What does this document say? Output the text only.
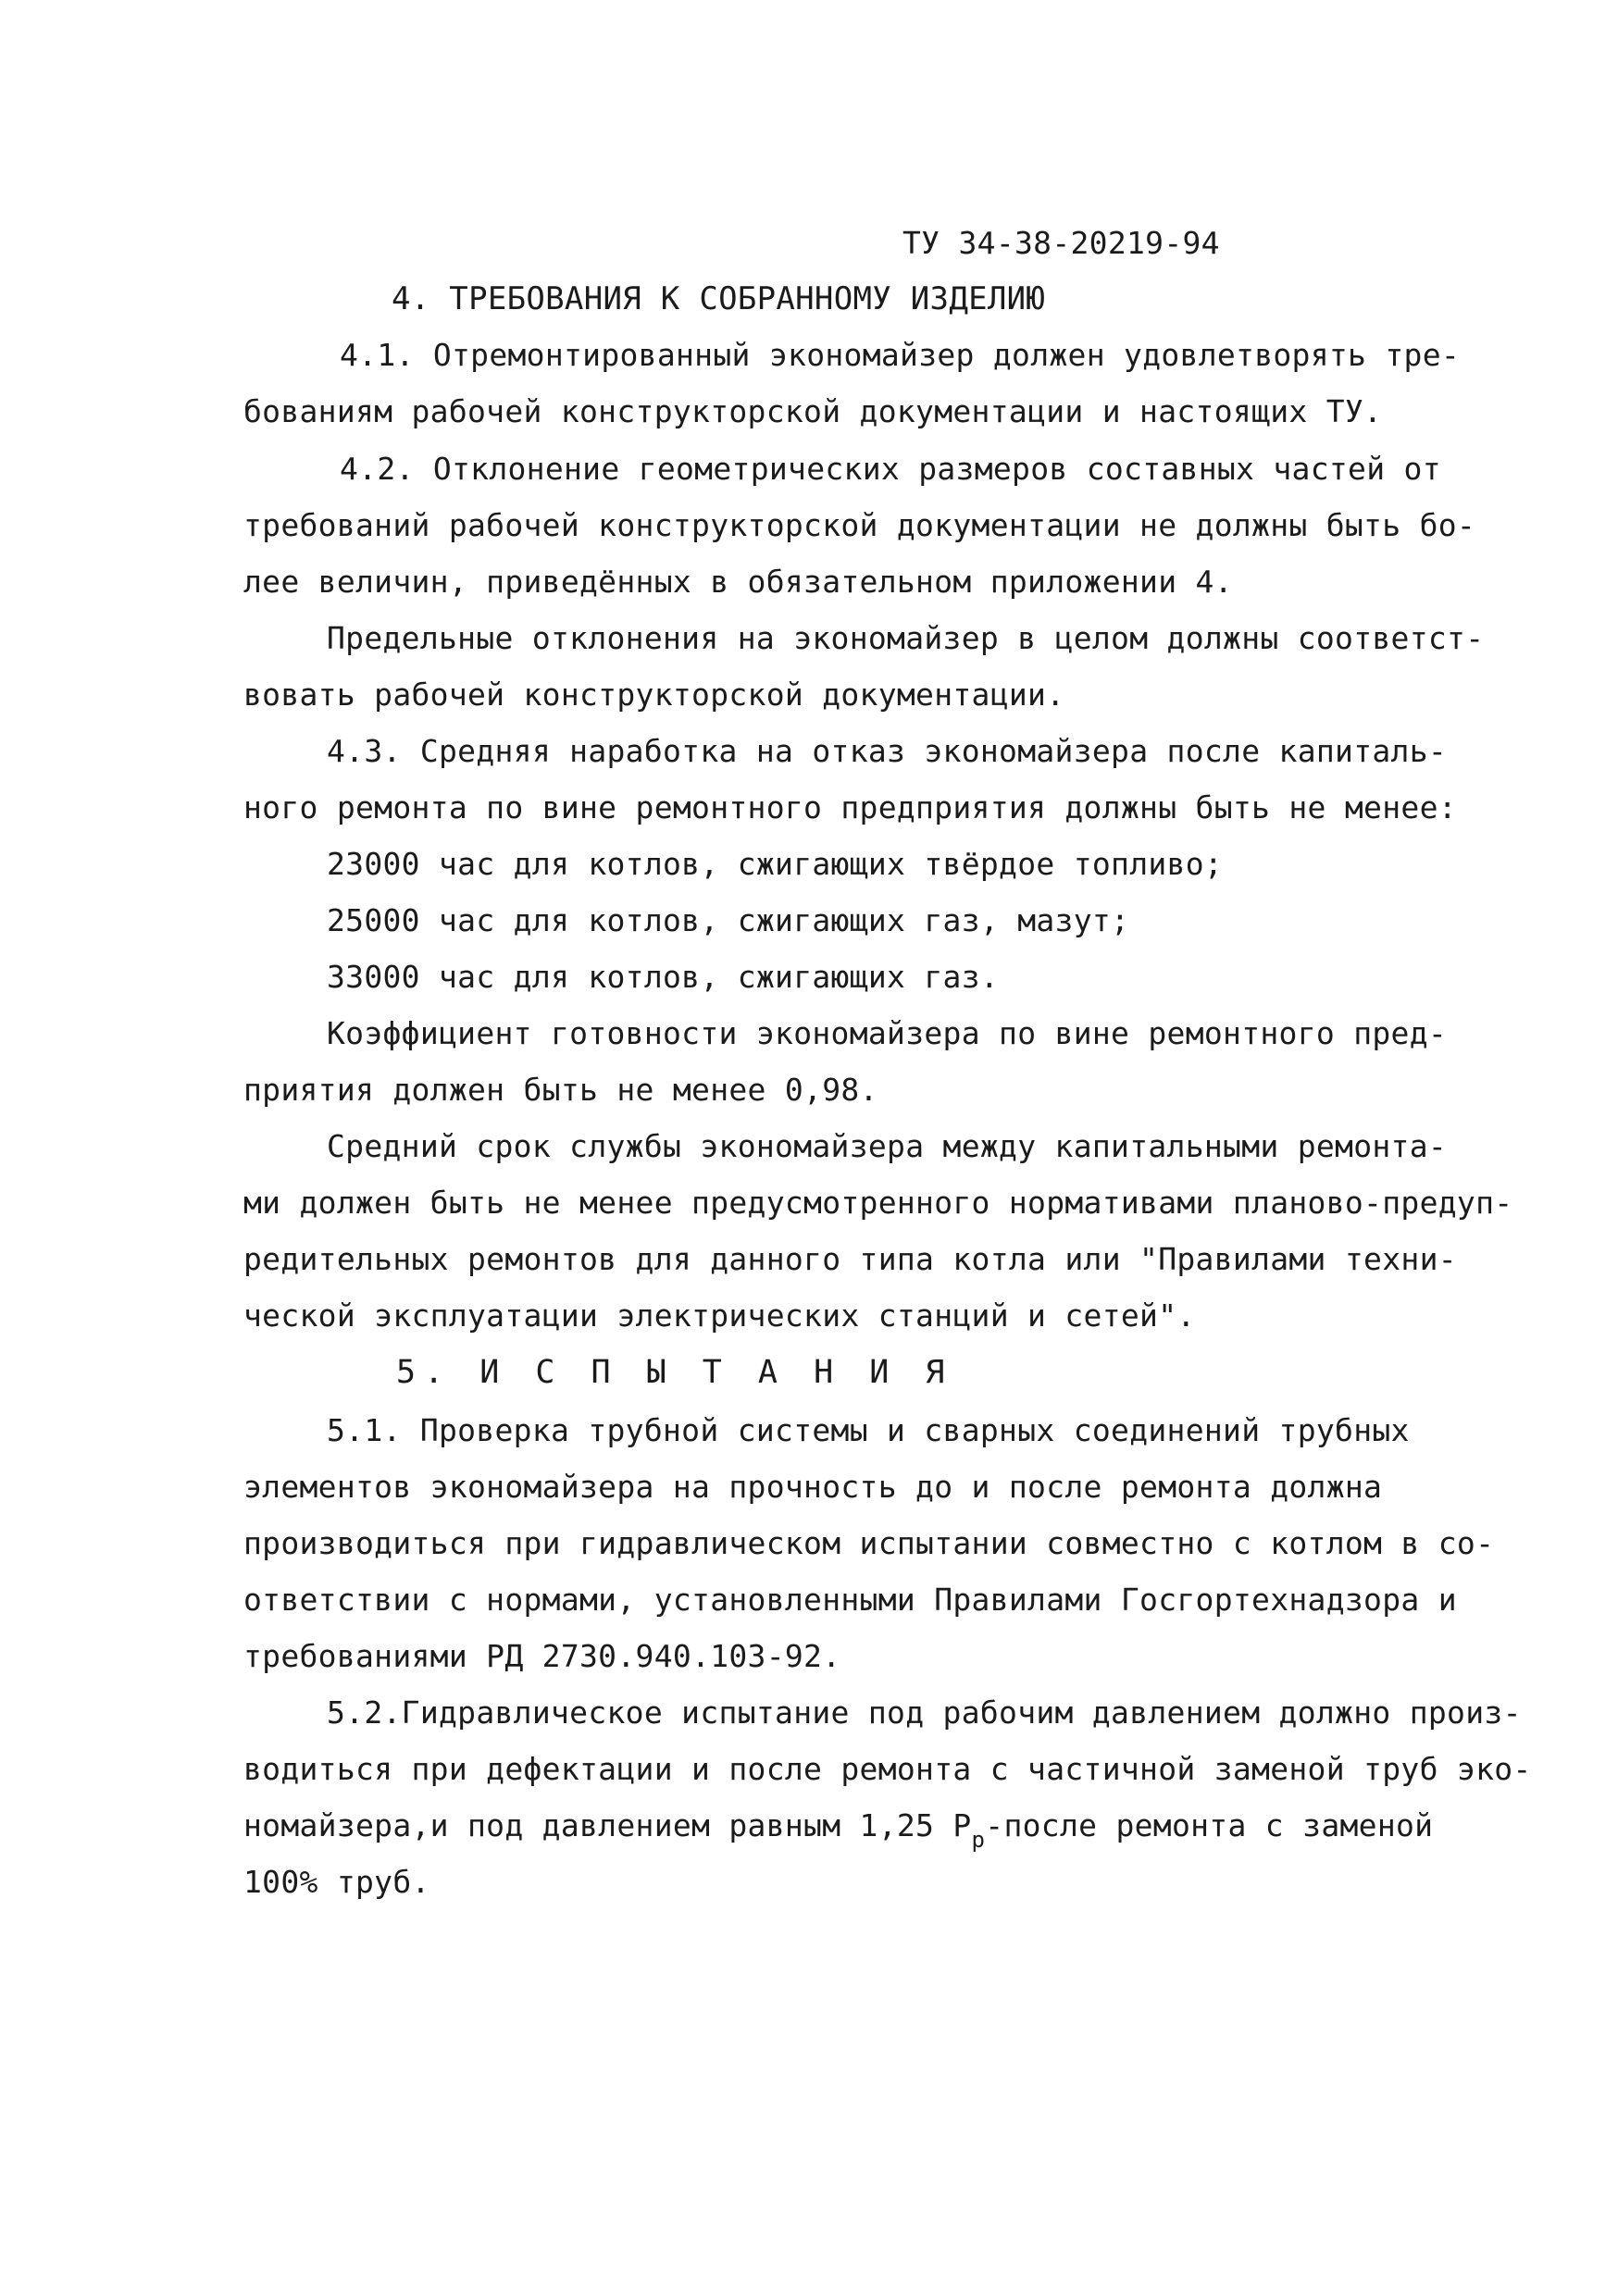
ТУ 34-38-20219-94
4. ТРЕБОВАНИЯ К СОБРАННОМУ ИЗДЕЛИЮ
4.1. Отремонтированный экономайзер должен удовлетворять тре-
бованиям рабочей конструкторской документации и настоящих ТУ.
4.2. Отклонение геометрических размеров составных частей от
требований рабочей конструкторской документации не должны быть бо-
лее величин, приведённых в обязательном приложении 4.
Предельные отклонения на экономайзер в целом должны соответст-
вовать рабочей конструкторской документации.
4.3. Средняя наработка на отказ экономайзера после капиталь-
ного ремонта по вине ремонтного предприятия должны быть не менее:
23000 час для котлов, сжигающих твёрдое топливо;
25000 час для котлов, сжигающих газ, мазут;
33000 час для котлов, сжигающих газ.
Коэффициент готовности экономайзера по вине ремонтного пред-
приятия должен быть не менее 0,98.
Средний срок службы экономайзера между капитальными ремонта-
ми должен быть не менее предусмотренного нормативами планово-предуп-
редительных ремонтов для данного типа котла или "Правилами техни-
ческой эксплуатации электрических станций и сетей".
5. И С П Ы Т А Н И Я
5.1. Проверка трубной системы и сварных соединений трубных
элементов экономайзера на прочность до и после ремонта должна
производиться при гидравлическом испытании совместно с котлом в со-
ответствии с нормами, установленными Правилами Госгортехнадзора и
требованиями РД 2730.940.103-92.
5.2.Гидравлическое испытание под рабочим давлением должно произ-
водиться при дефектации и после ремонта с частичной заменой труб эко-
номайзера,и под давлением равным 1,25 $Р_р$-после ремонта с заменой
100% труб.
